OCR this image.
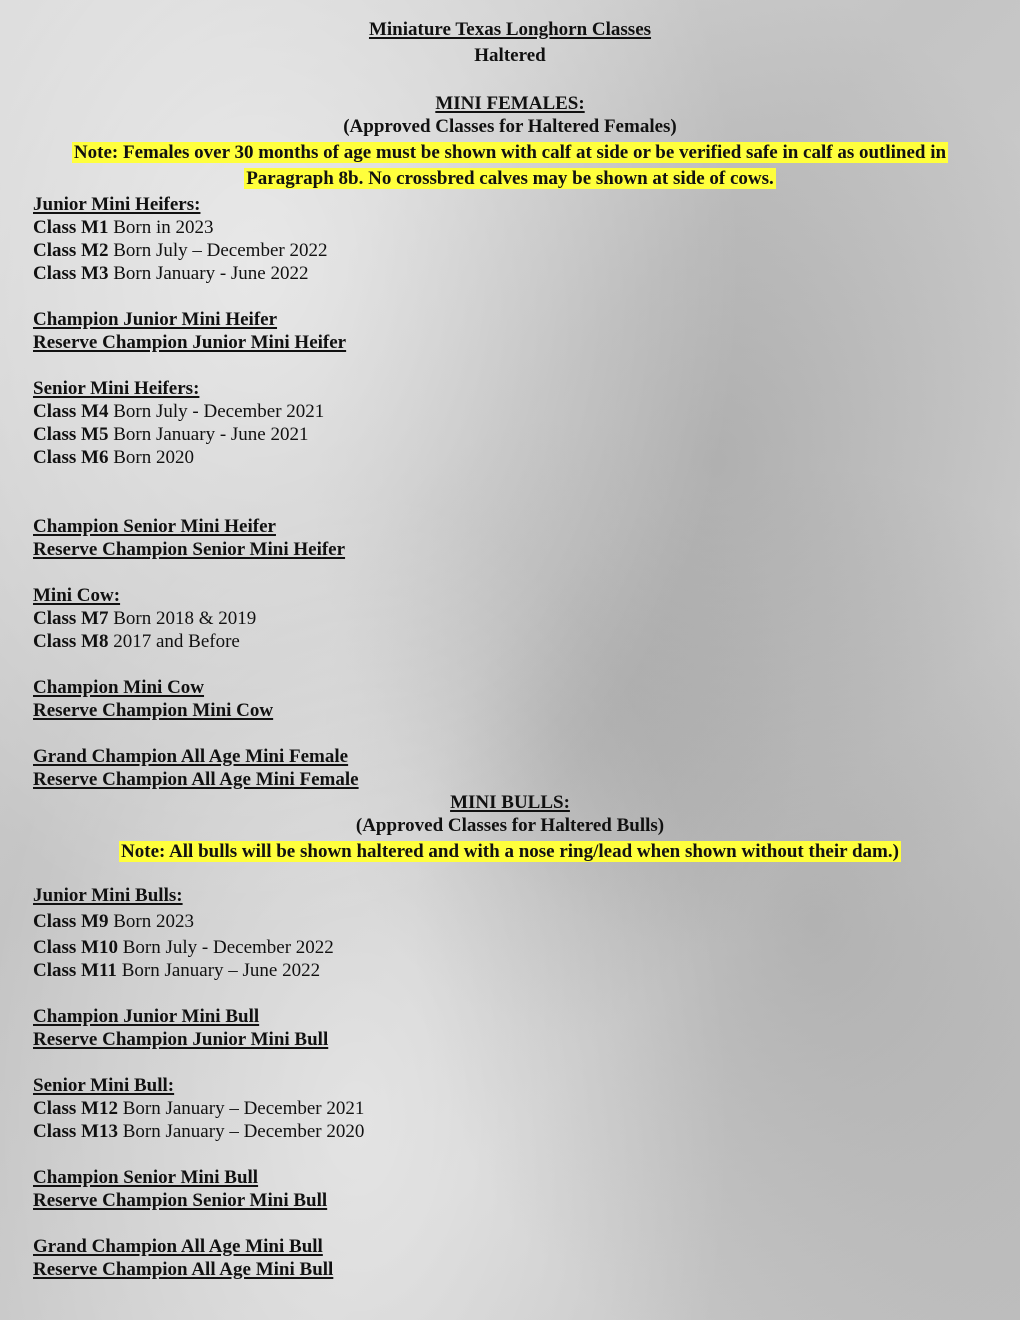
Miniature Texas Longhorn Classes
Haltered
MINI FEMALES:
(Approved Classes for Haltered Females)
Note: Females over 30 months of age must be shown with calf at side or be verified safe in calf as outlined in
Paragraph 8b. No crossbred calves may be shown at side of cows.
Junior Mini Heifers:
Class M1 Born in 2023
Class M2 Born July – December 2022
Class M3 Born January - June 2022
Champion Junior Mini Heifer
Reserve Champion Junior Mini Heifer
Senior Mini Heifers:
Class M4 Born July - December 2021
Class M5 Born January - June 2021
Class M6 Born 2020
Champion Senior Mini Heifer
Reserve Champion Senior Mini Heifer
Mini Cow:
Class M7 Born 2018 & 2019
Class M8 2017 and Before
Champion Mini Cow
Reserve Champion Mini Cow
Grand Champion All Age Mini Female
Reserve Champion All Age Mini Female
MINI BULLS:
(Approved Classes for Haltered Bulls)
Note: All bulls will be shown haltered and with a nose ring/lead when shown without their dam.)
Junior Mini Bulls:
Class M9 Born 2023
Class M10 Born July - December 2022
Class M11 Born January – June 2022
Champion Junior Mini Bull
Reserve Champion Junior Mini Bull
Senior Mini Bull:
Class M12 Born January – December 2021
Class M13 Born January – December 2020
Champion Senior Mini Bull
Reserve Champion Senior Mini Bull
Grand Champion All Age Mini Bull
Reserve Champion All Age Mini Bull
